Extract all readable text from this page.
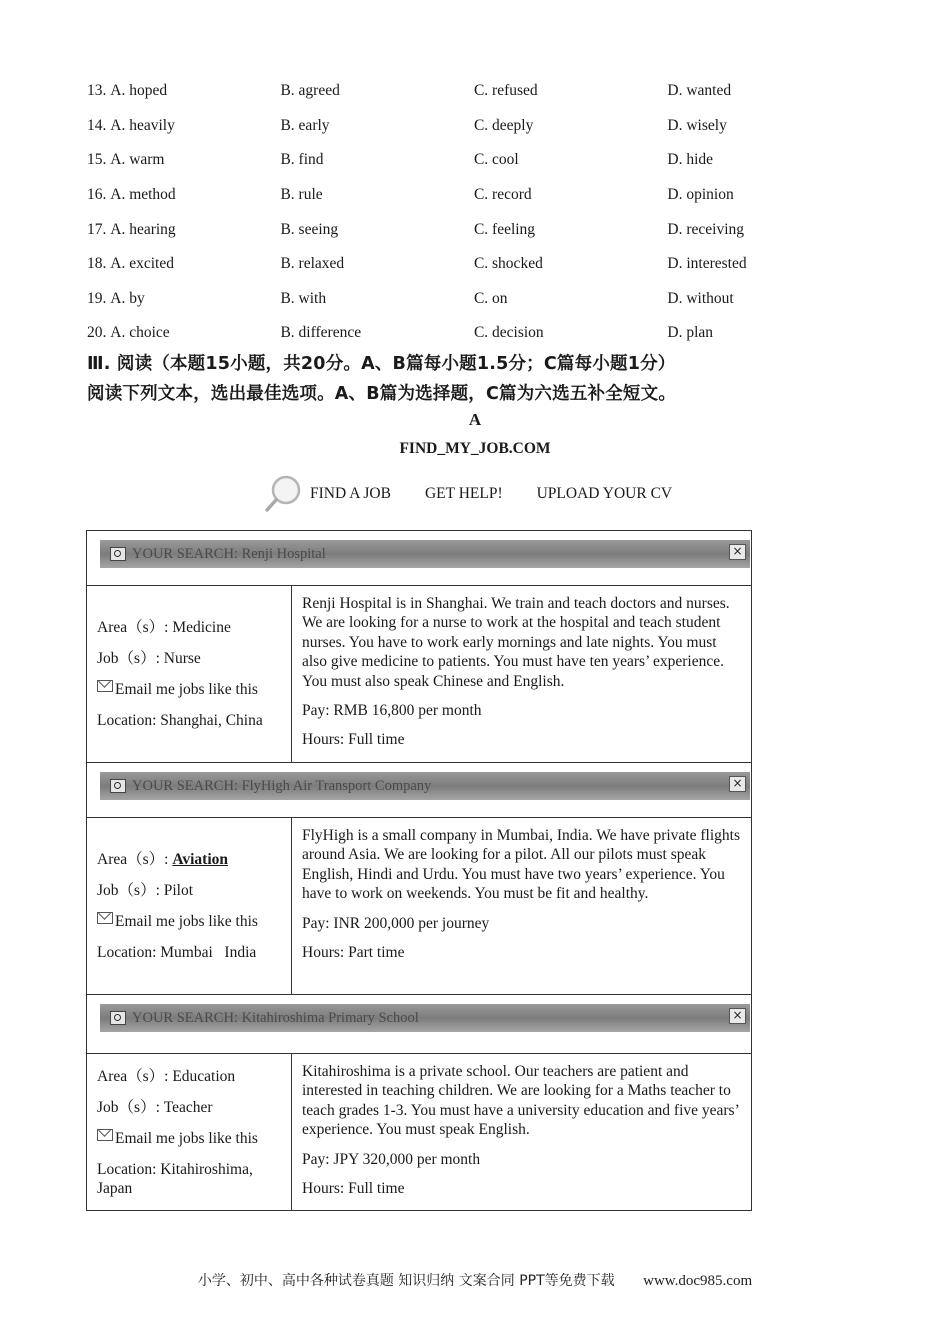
13. A. hoped	B. agreed	C. refused	D. wanted
14. A. heavily	B. early	C. deeply	D. wisely
15. A. warm	B. find	C. cool	D. hide
16. A. method	B. rule	C. record	D. opinion
17. A. hearing	B. seeing	C. feeling	D. receiving
18. A. excited	B. relaxed	C. shocked	D. interested
19. A. by	B. with	C. on	D. without
20. A. choice	B. difference	C. decision	D. plan
Ⅲ. 阅读（本题15小题，共20分。A、B篇每小题1.5分；C篇每小题1分）
阅读下列文本，选出最佳选项。A、B篇为选择题，C篇为六选五补全短文。
A
FIND_MY_JOB.COM
FIND A JOB GET HELP! UPLOAD YOUR CV
YOUR SEARCH: Renji Hospital	×
Area（s）: Medicine
Job（s）: Nurse
Email me jobs like this
Location: Shanghai, China

Renji Hospital is in Shanghai. We train and teach doctors and nurses. We are looking for a nurse to work at the hospital and teach student nurses. You have to work early mornings and late nights. You must also give medicine to patients. You must have ten years’ experience. You must also speak Chinese and English.

Pay: RMB 16,800 per month
Hours: Full time
YOUR SEARCH: FlyHigh Air Transport Company	×
Area（s）: Aviation
Job（s）: Pilot
Email me jobs like this
Location: Mumbai   India

FlyHigh is a small company in Mumbai, India. We have private flights around Asia. We are looking for a pilot. All our pilots must speak English, Hindi and Urdu. You must have two years’ experience. You have to work on weekends. You must be fit and healthy.

Pay: INR 200,000 per journey
Hours: Part time
YOUR SEARCH: Kitahiroshima Primary School	×
Area（s）: Education
Job（s）: Teacher
Email me jobs like this
Location: Kitahiroshima, Japan

Kitahiroshima is a private school. Our teachers are patient and interested in teaching children. We are looking for a Maths teacher to teach grades 1-3. You must have a university education and five years’ experience. You must speak English.

Pay: JPY 320,000 per month
Hours: Full time
小学、初中、高中各种试卷真题 知识归纳 文案合同 PPT等免费下载 www.doc985.com
